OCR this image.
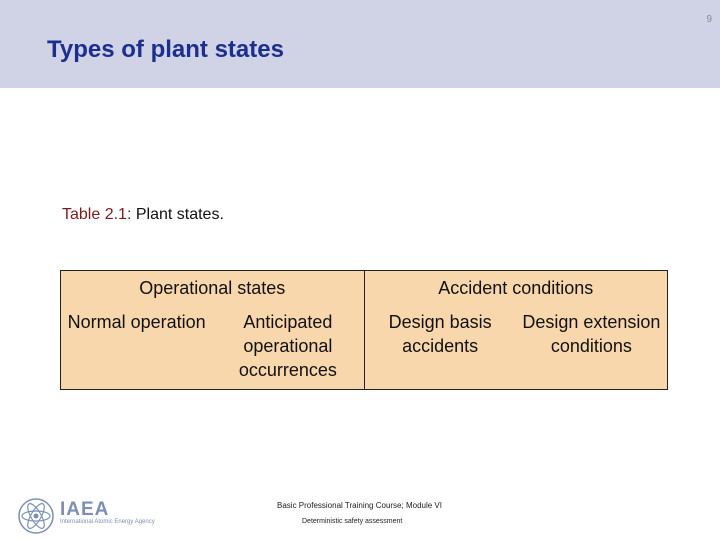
9
Types of plant states
Table 2.1: Plant states.
Operational states		Accident conditions	
Normal operation	Anticipated operational occurrences	Design basis accidents	Design extension conditions
IAEA
International Atomic Energy Agency
Basic Professional Training Course; Module VI
Deterministic safety assessment
